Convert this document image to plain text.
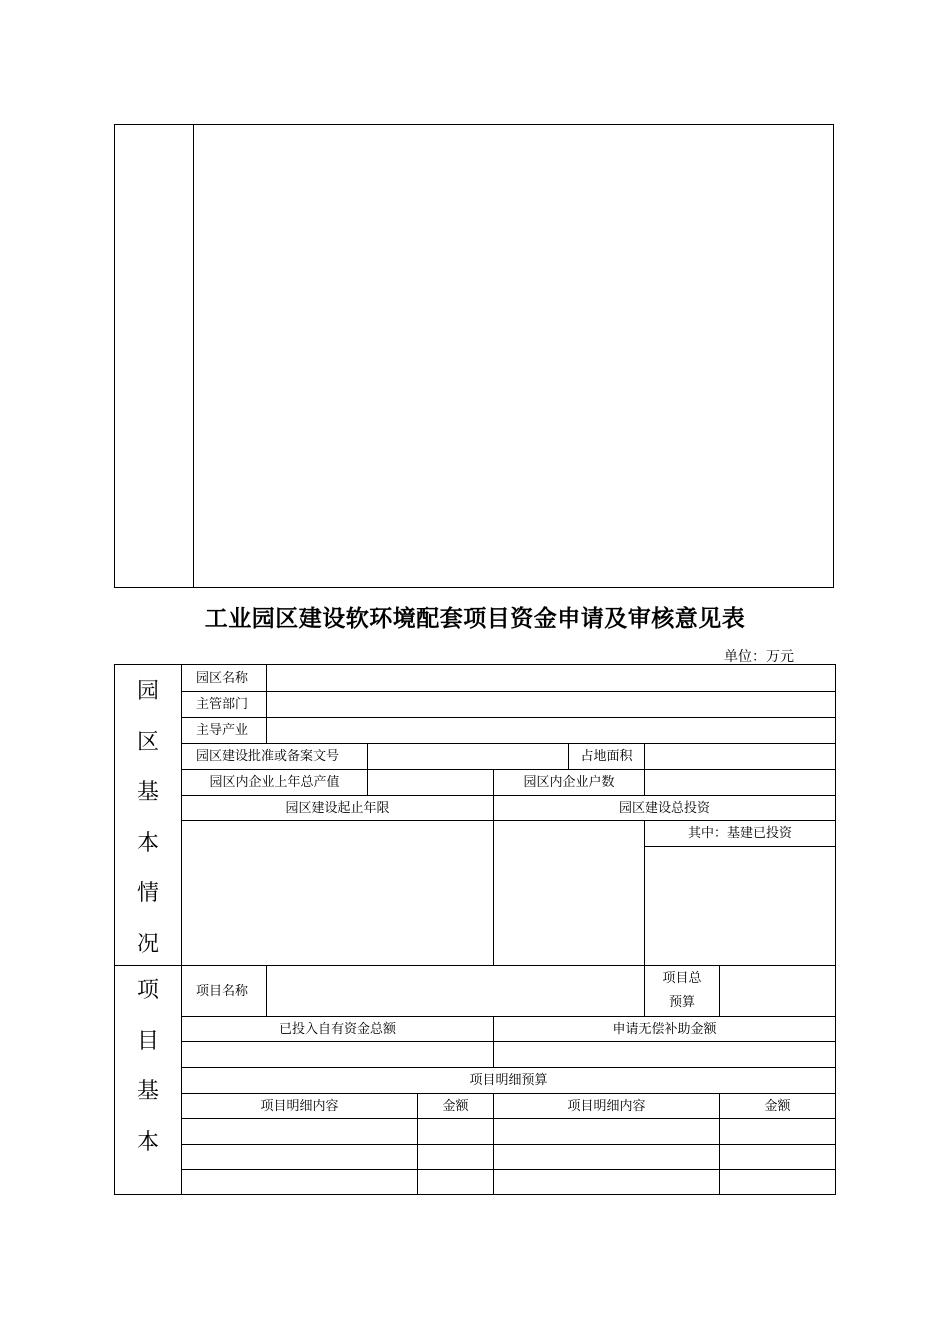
工业园区建设软环境配套项目资金申请及审核意见表
单位：万元
园
区
基
本
情
况
项
目
基
本
园区名称
主管部门
主导产业
园区建设批准或备案文号	占地面积
园区内企业上年总产值	园区内企业户数
园区建设起止年限	园区建设总投资
其中：基建已投资
项目名称
项目总
预算
已投入自有资金总额	申请无偿补助金额
项目明细预算
项目明细内容	金额	项目明细内容	金额
